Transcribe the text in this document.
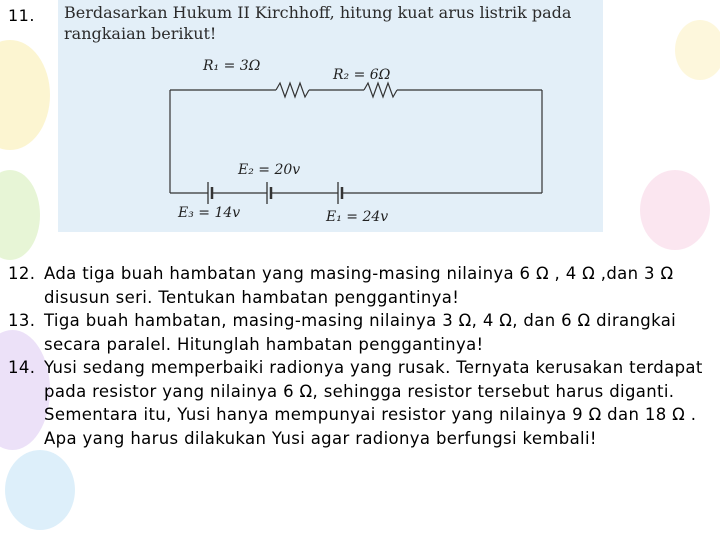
11. Berdasarkan Hukum II Kirchhoff, hitung kuat arus listrik pada
rangkaian berikut!
R₁ = 3Ω
R₂ = 6Ω
E₂ = 20v
E₃ = 14v	E₁ = 24v
12. Ada tiga buah hambatan yang masing-masing nilainya 6 Ω , 4 Ω ,dan 3 Ω disusun seri. Tentukan hambatan penggantinya!
13. Tiga buah hambatan, masing-masing nilainya 3 Ω, 4 Ω, dan 6 Ω dirangkai secara paralel. Hitunglah hambatan penggantinya!
14. Yusi sedang memperbaiki radionya yang rusak. Ternyata kerusakan terdapat pada resistor yang nilainya 6 Ω, sehingga resistor tersebut harus diganti. Sementara itu, Yusi hanya mempunyai resistor yang nilainya 9 Ω dan 18 Ω . Apa yang harus dilakukan Yusi agar radionya berfungsi kembali!
